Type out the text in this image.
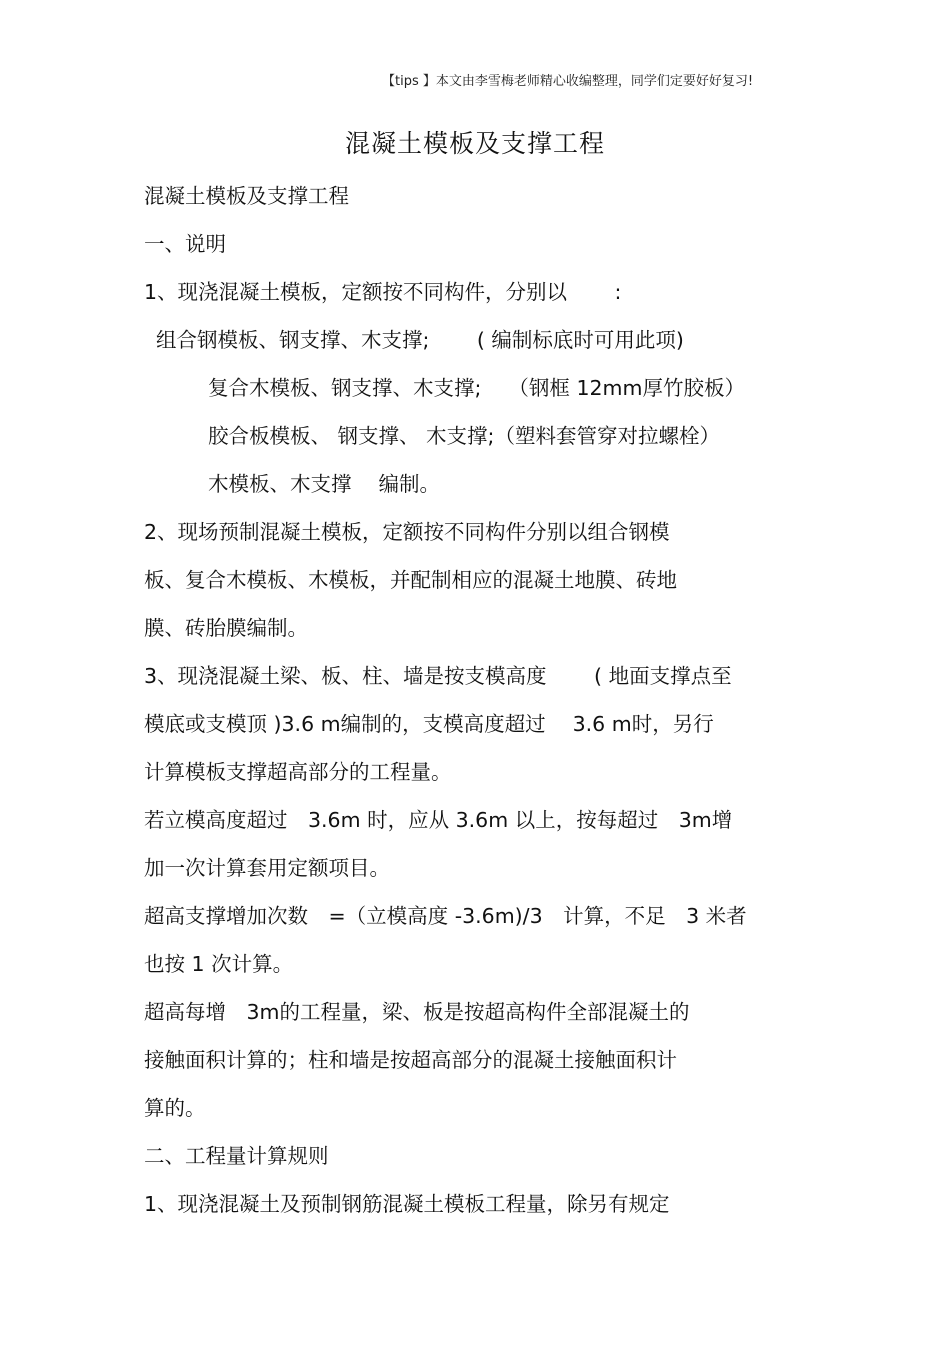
【tips 】本文由李雪梅老师精心收编整理，同学们定要好好复习!
混凝土模板及支撑工程
混凝土模板及支撑工程
一、说明
1、现浇混凝土模板，定额按不同构件，分别以　　 :
组合钢模板、钢支撑、木支撑;　　 ( 编制标底时可用此项)
复合木模板、钢支撑、木支撑;　 （钢框 12mm厚竹胶板）
胶合板模板、 钢支撑、 木支撑;（塑料套管穿对拉螺栓）
木模板、木支撑　 编制。
2、现场预制混凝土模板，定额按不同构件分别以组合钢模
板、复合木模板、木模板，并配制相应的混凝土地膜、砖地
膜、砖胎膜编制。
3、现浇混凝土梁、板、柱、墙是按支模高度　　 ( 地面支撑点至
模底或支模顶 )3.6 m编制的，支模高度超过　 3.6 m时，另行
计算模板支撑超高部分的工程量。
若立模高度超过　3.6m 时，应从 3.6m 以上，按每超过　3m增
加一次计算套用定额项目。
超高支撑增加次数　=（立模高度 -3.6m)/3　计算，不足　3 米者
也按 1 次计算。
超高每增　3m的工程量，梁、板是按超高构件全部混凝土的
接触面积计算的；柱和墙是按超高部分的混凝土接触面积计
算的。
二、工程量计算规则
1、现浇混凝土及预制钢筋混凝土模板工程量，除另有规定
